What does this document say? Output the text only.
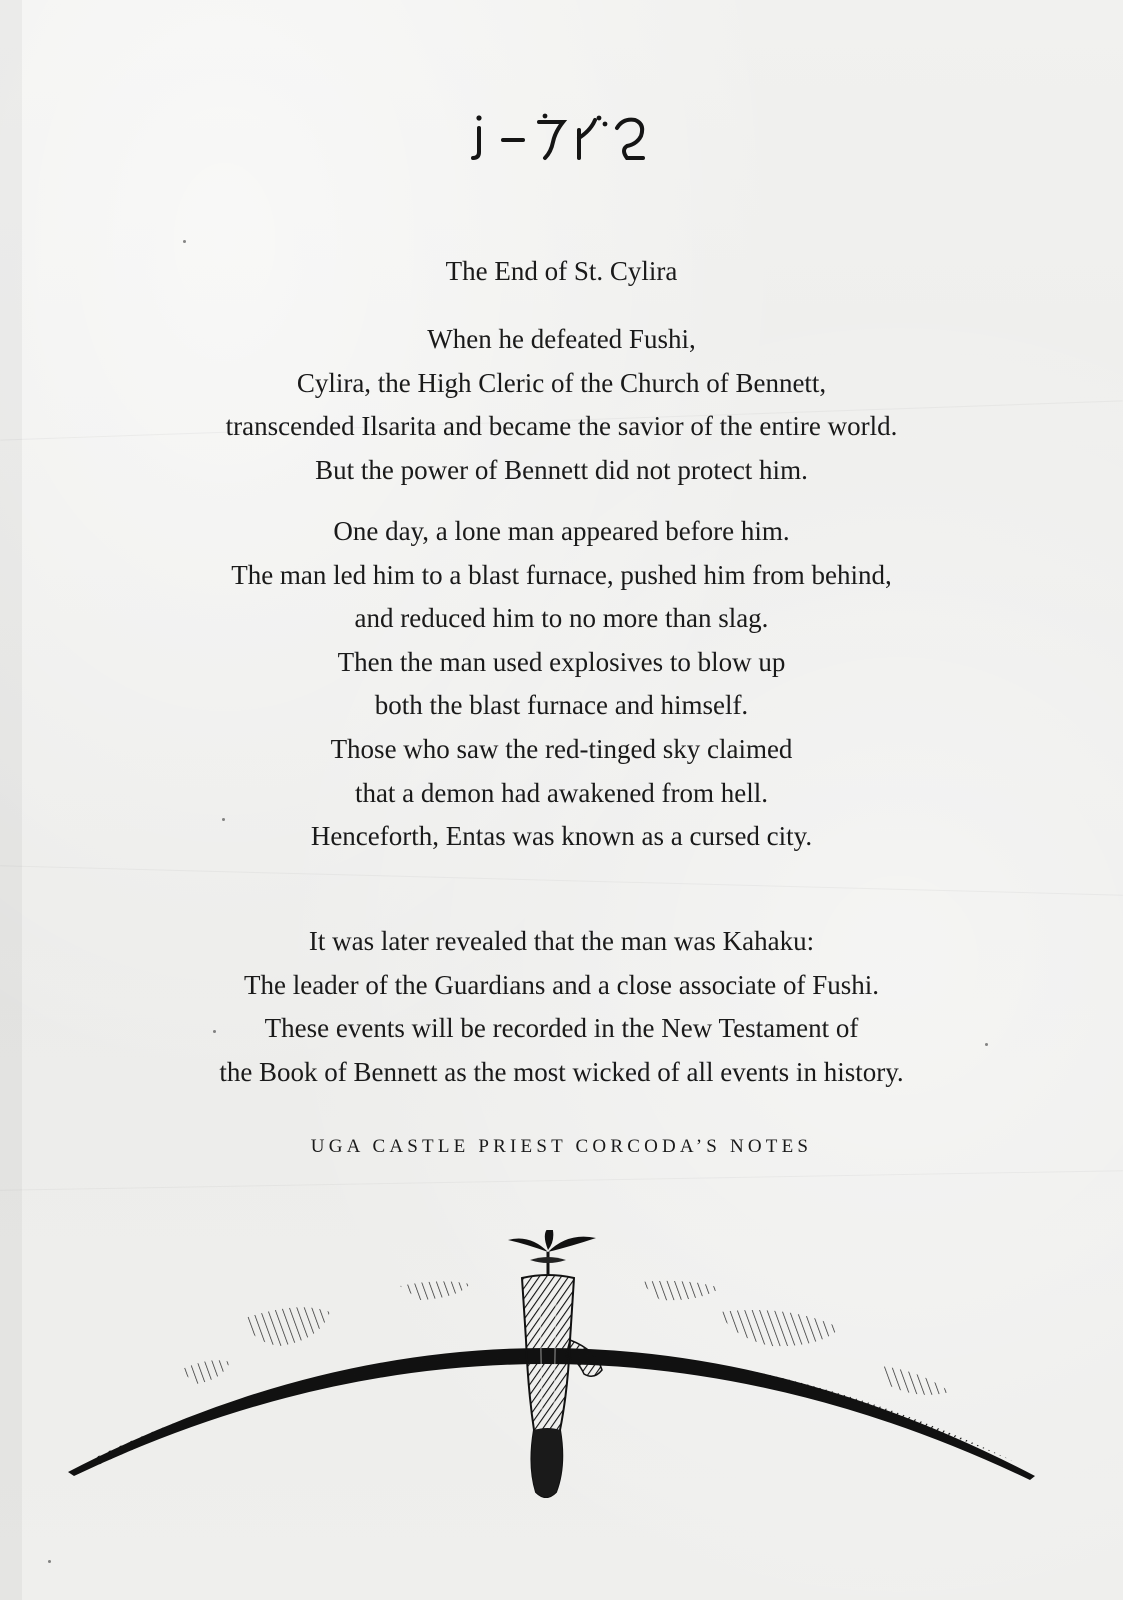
The End of St. Cylira
When he defeated Fushi,
Cylira, the High Cleric of the Church of Bennett,
transcended Ilsarita and became the savior of the entire world.
But the power of Bennett did not protect him.
One day, a lone man appeared before him.
The man led him to a blast furnace, pushed him from behind,
and reduced him to no more than slag.
Then the man used explosives to blow up
both the blast furnace and himself.
Those who saw the red-tinged sky claimed
that a demon had awakened from hell.
Henceforth, Entas was known as a cursed city.
It was later revealed that the man was Kahaku:
The leader of the Guardians and a close associate of Fushi.
These events will be recorded in the New Testament of
the Book of Bennett as the most wicked of all events in history.
UGA CASTLE PRIEST CORCODA’S NOTES
